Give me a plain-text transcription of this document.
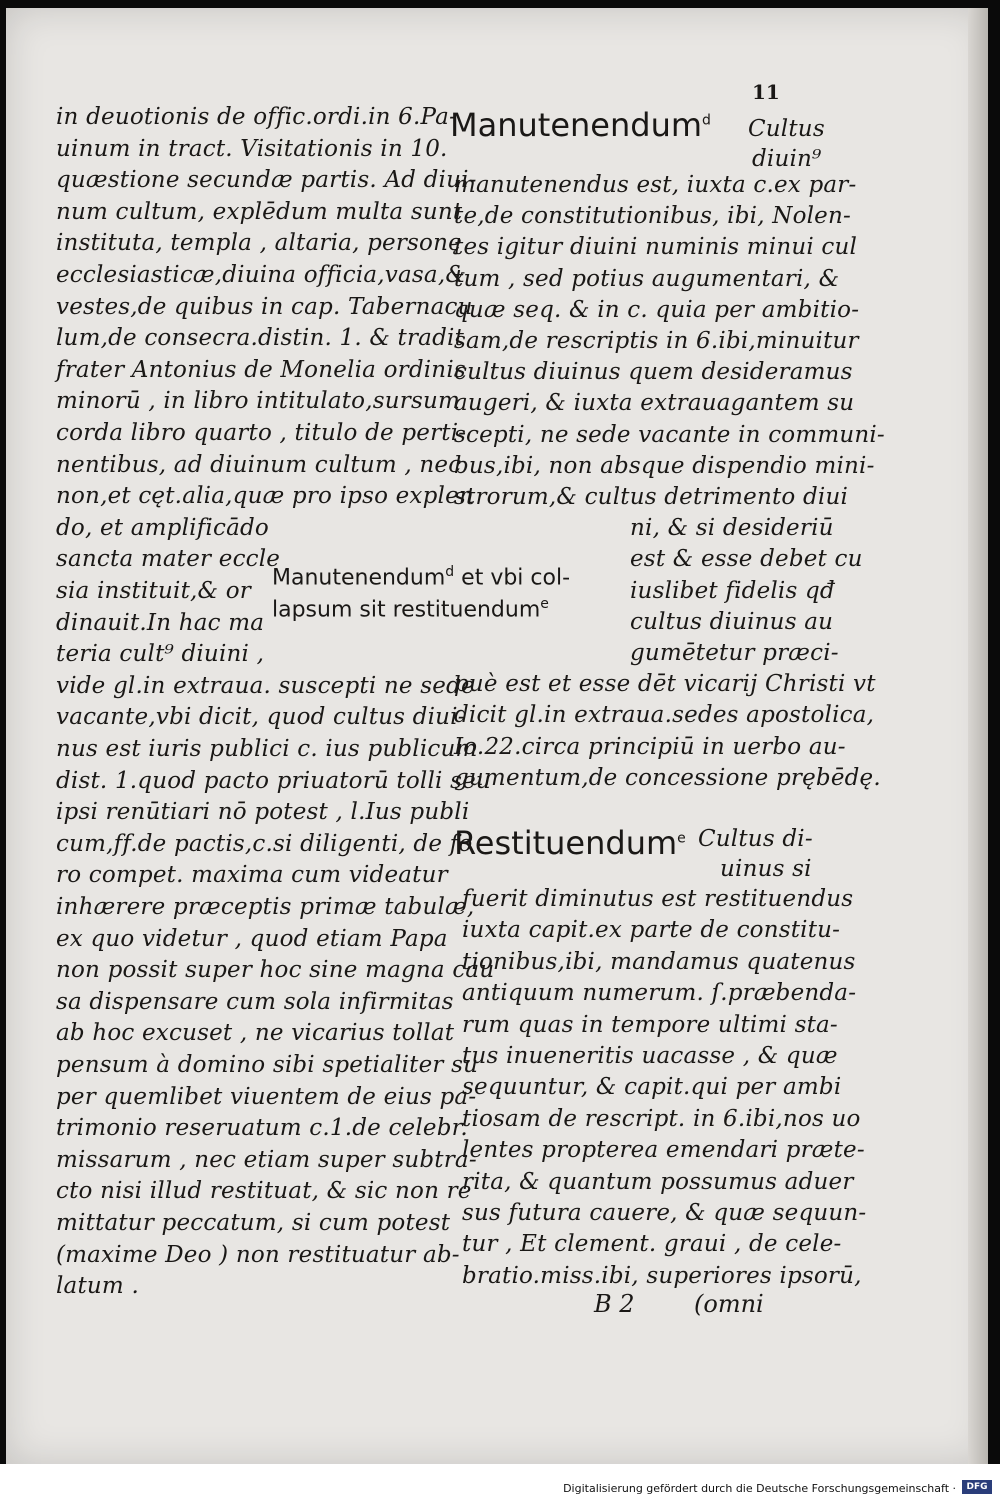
11
in deuotionis de offic.ordi.in 6.Pa-
uinum in tract. Visitationis in 10.
quæstione secundæ partis. Ad diui-
num cultum, explēdum multa sunt
instituta, templa , altaria, personę
ecclesiasticæ,diuina officia,vasa,&
vestes,de quibus in cap. Tabernacu
lum,de consecra.distin. 1. & tradit
frater Antonius de Monelia ordinis
minorū , in libro intitulato,sursum
corda libro quarto , titulo de perti-
nentibus, ad diuinum cultum , nec
non,et cęt.alia,quæ pro ipso explen
do, et amplificādo
sancta mater eccle
sia instituit,& or
dinauit.In hac ma
teria cult⁹ diuini ,
vide gl.in extraua. suscepti ne sede
vacante,vbi dicit, quod cultus diui-
nus est iuris publici c. ius publicum
dist. 1.quod pacto priuatorū tolli seu
ipsi renūtiari nō potest , l.Ius publi
cum,ff.de pactis,c.si diligenti, de fo
ro compet. maxima cum videatur
inhærere præceptis primæ tabulæ,
ex quo videtur , quod etiam Papa
non possit super hoc sine magna cau
sa dispensare cum sola infirmitas
ab hoc excuset , ne vicarius tollat
pensum à domino sibi spetialiter su
per quemlibet viuentem de eius pa-
trimonio reseruatum c.1.de celebr.
missarum , nec etiam super subtra-
cto nisi illud restituat, & sic non re
mittatur peccatum, si cum potest
(maxime Deo ) non restituatur ab-
latum .
Manutenendum$^d$ Cultus
diuin⁹
manutenendus est, iuxta c.ex par-
te,de constitutionibus, ibi, Nolen-
tes igitur diuini numinis minui cul
tum , sed potius augumentari, &
quæ seq. & in c. quia per ambitio-
sam,de rescriptis in 6.ibi,minuitur
cultus diuinus quem desideramus
augeri, & iuxta extrauagantem su
scepti, ne sede vacante in communi-
bus,ibi, non absque dispendio mini-
strorum,& cultus detrimento diui
ni, & si desideriū
est & esse debet cu
iuslibet fidelis qđ
cultus diuinus au
gumētetur præci-
puè est et esse dēt vicarij Christi vt
dicit gl.in extraua.sedes apostolica,
Io.22.circa principiū in uerbo au-
gumentum,de concessione prębēdę.
Manutenendum$^d$ et vbi col-
lapsum sit restituendum$^e$
Restituendum$^e$ Cultus di-
uinus si
fuerit diminutus est restituendus
iuxta capit.ex parte de constitu-
tionibus,ibi, mandamus quatenus
antiquum numerum. ſ.præbenda-
rum quas in tempore ultimi sta-
tus inueneritis uacasse , & quæ
sequuntur, & capit.qui per ambi
tiosam de rescript. in 6.ibi,nos uo
lentes propterea emendari præte-
rita, & quantum possumus aduer
sus futura cauere, & quæ sequun-
tur , Et clement. graui , de cele-
bratio.miss.ibi, superiores ipsorū,
B 2 (omni
Digitalisierung gefördert durch die Deutsche Forschungsgemeinschaft ·	DFG
